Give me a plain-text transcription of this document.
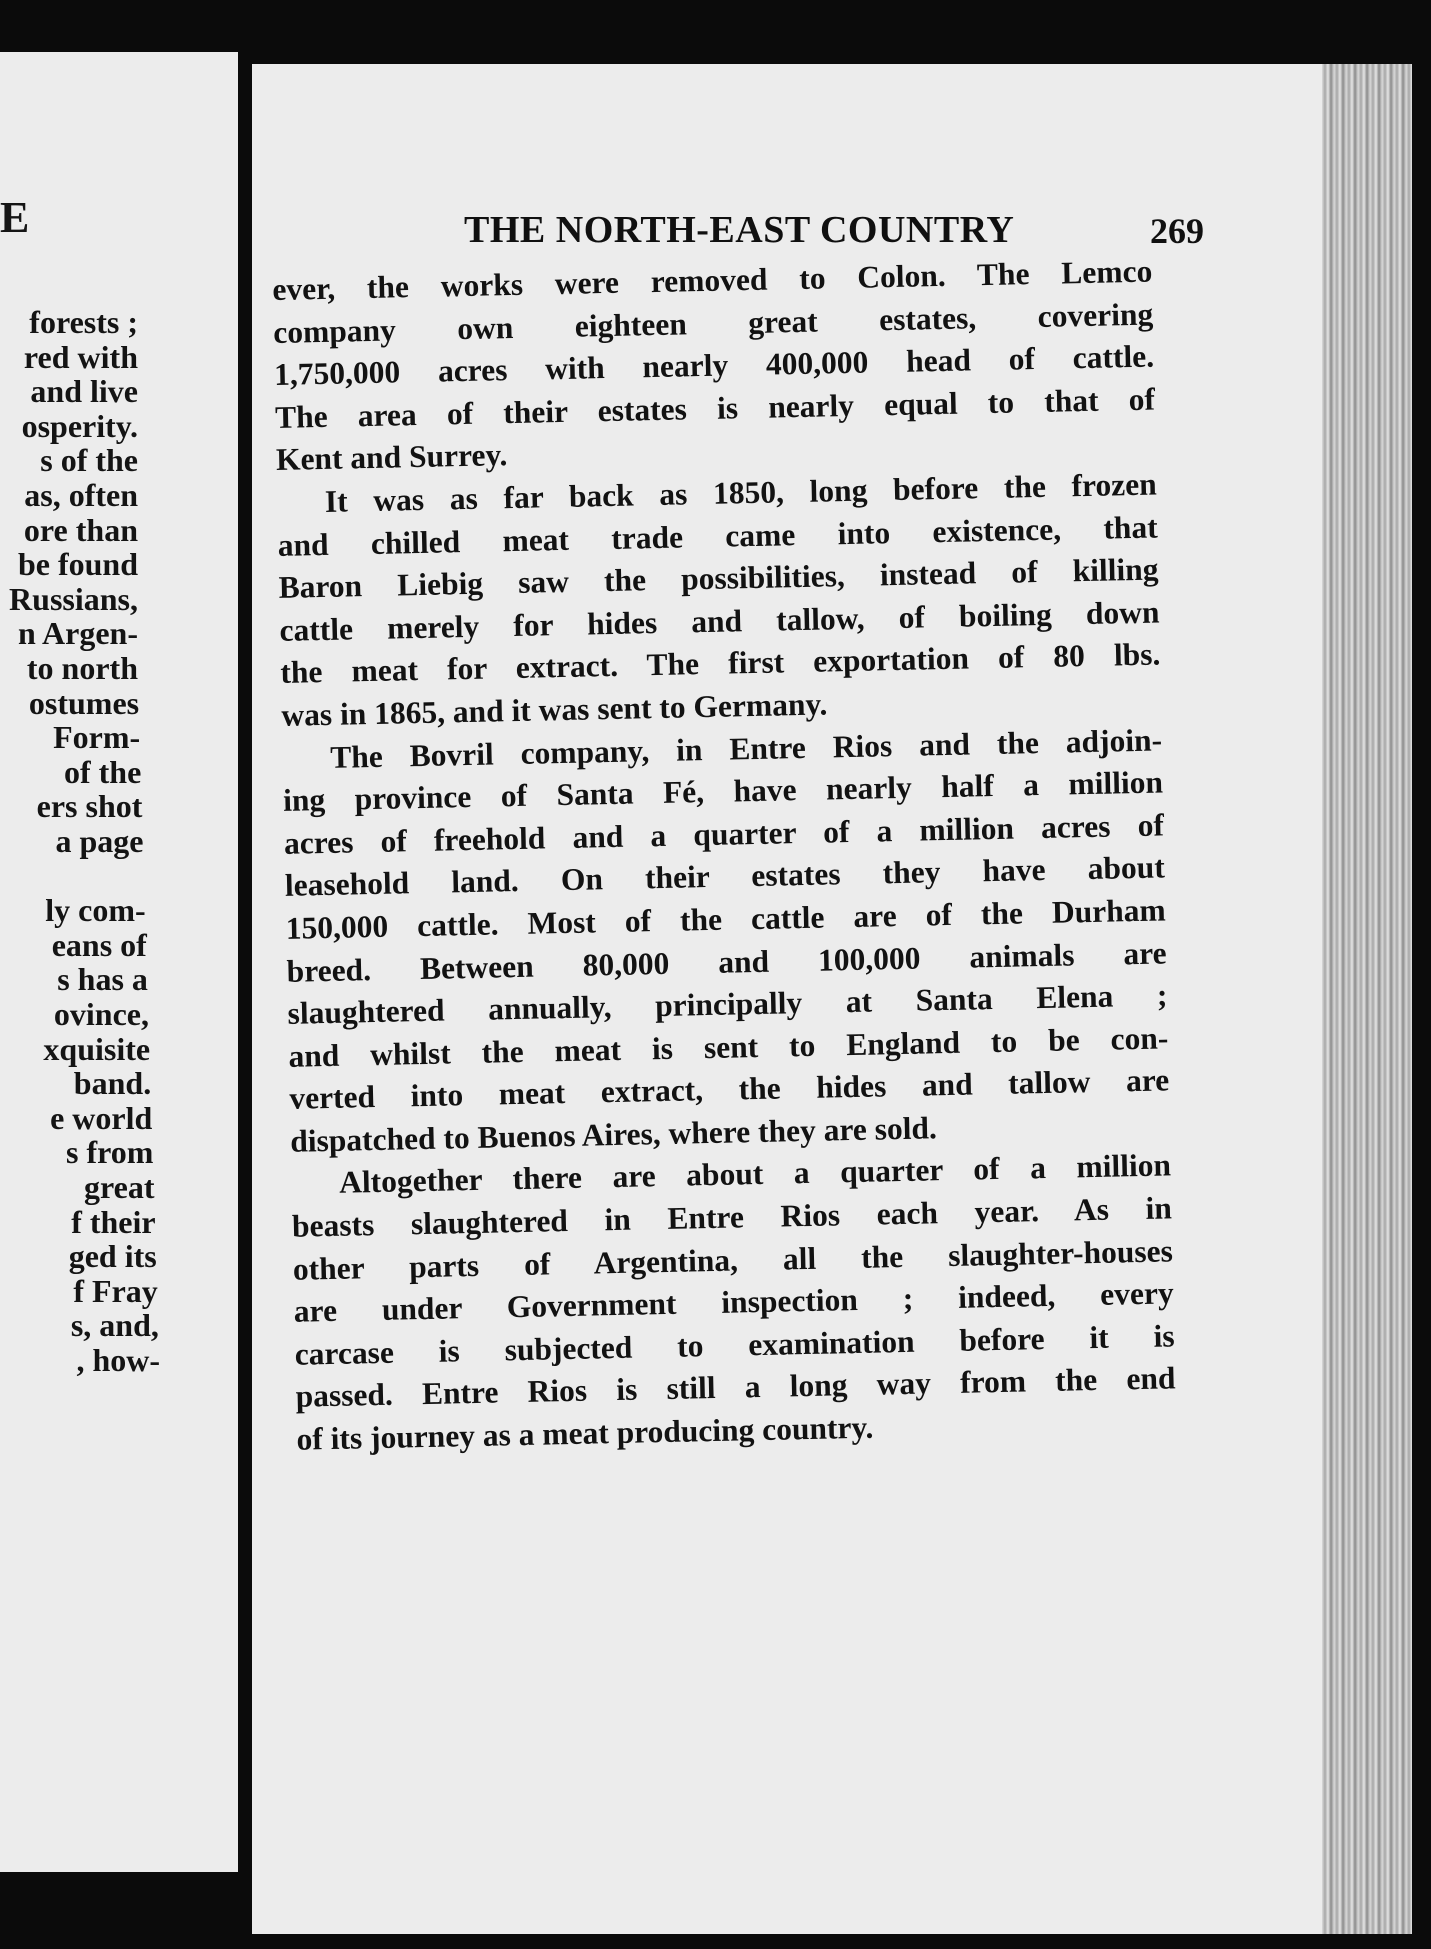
E
forests ;
red with
and live
osperity.
s of the
as, often
ore than
be found
Russians,
n Argen-
to north
ostumes
Form-
of the
ers shot
a page
ly com-
eans of
s has a
ovince,
xquisite
band.
e world
s from
great
f their
ged its
f Fray
s, and,
, how-
THE NORTH-EAST COUNTRY	269
ever, the works were removed to Colon. The Lemco
company own eighteen great estates, covering
1,750,000 acres with nearly 400,000 head of cattle.
The area of their estates is nearly equal to that of
Kent and Surrey.
It was as far back as 1850, long before the frozen
and chilled meat trade came into existence, that
Baron Liebig saw the possibilities, instead of killing
cattle merely for hides and tallow, of boiling down
the meat for extract. The first exportation of 80 lbs.
was in 1865, and it was sent to Germany.
The Bovril company, in Entre Rios and the adjoin-
ing province of Santa Fé, have nearly half a million
acres of freehold and a quarter of a million acres of
leasehold land. On their estates they have about
150,000 cattle. Most of the cattle are of the Durham
breed. Between 80,000 and 100,000 animals are
slaughtered annually, principally at Santa Elena ;
and whilst the meat is sent to England to be con-
verted into meat extract, the hides and tallow are
dispatched to Buenos Aires, where they are sold.
Altogether there are about a quarter of a million
beasts slaughtered in Entre Rios each year. As in
other parts of Argentina, all the slaughter-houses
are under Government inspection ; indeed, every
carcase is subjected to examination before it is
passed. Entre Rios is still a long way from the end
of its journey as a meat producing country.
